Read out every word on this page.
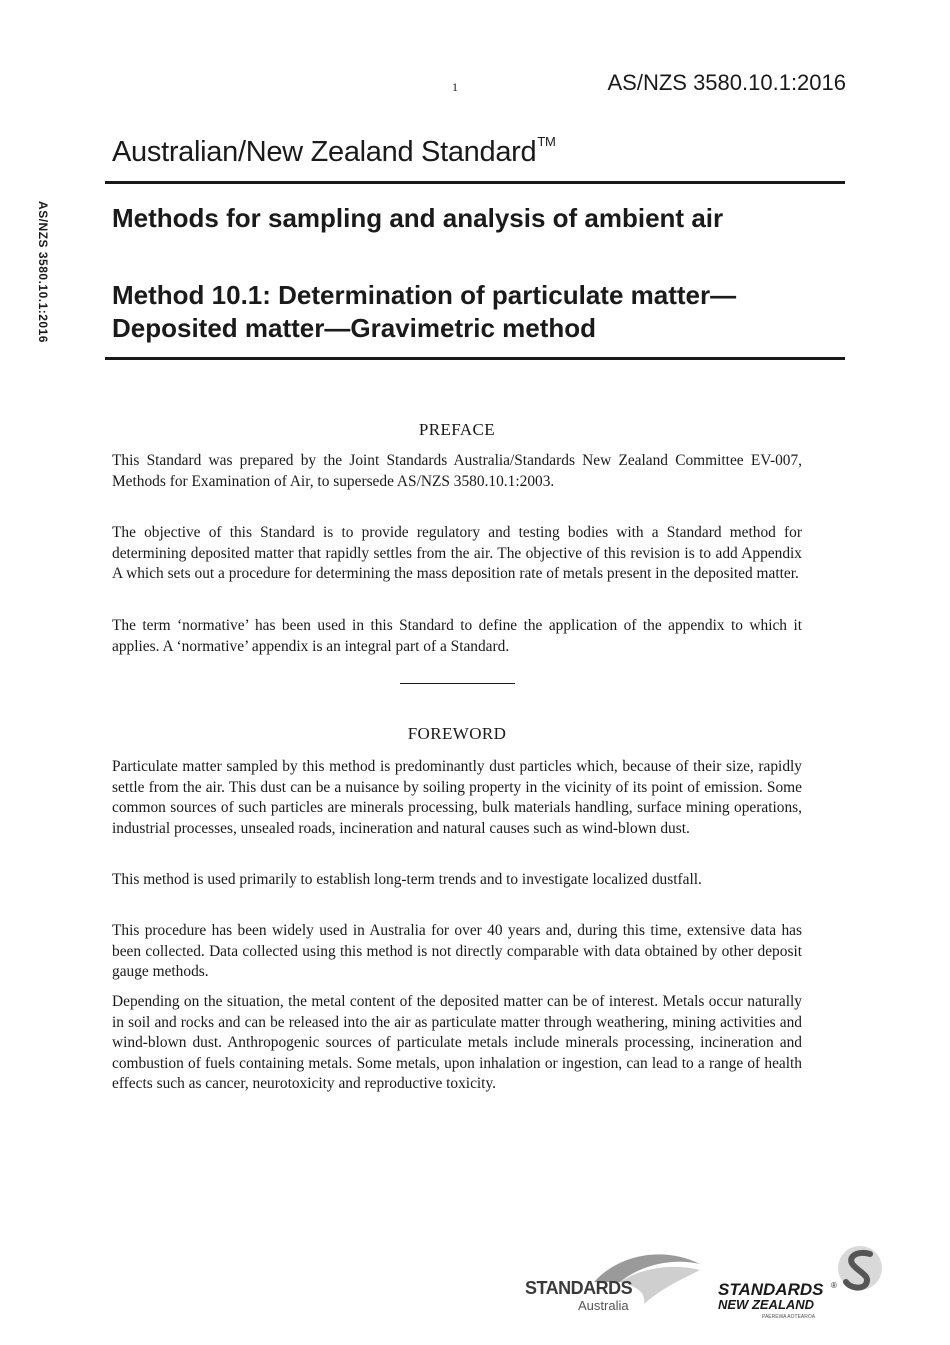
1	AS/NZS 3580.10.1:2016
Australian/New Zealand Standard™
AS/NZS 3580.10.1:2016 Methods for sampling and analysis of ambient air
Method 10.1: Determination of particulate matter—Deposited matter—Gravimetric method
PREFACE

This Standard was prepared by the Joint Standards Australia/Standards New Zealand Committee EV-007, Methods for Examination of Air, to supersede AS/NZS 3580.10.1:2003.

The objective of this Standard is to provide regulatory and testing bodies with a Standard method for determining deposited matter that rapidly settles from the air. The objective of this revision is to add Appendix A which sets out a procedure for determining the mass deposition rate of metals present in the deposited matter.

The term ‘normative’ has been used in this Standard to define the application of the appendix to which it applies. A ‘normative’ appendix is an integral part of a Standard.

FOREWORD

Particulate matter sampled by this method is predominantly dust particles which, because of their size, rapidly settle from the air. This dust can be a nuisance by soiling property in the vicinity of its point of emission. Some common sources of such particles are minerals processing, bulk materials handling, surface mining operations, industrial processes, unsealed roads, incineration and natural causes such as wind-blown dust.

This method is used primarily to establish long-term trends and to investigate localized dustfall.

This procedure has been widely used in Australia for over 40 years and, during this time, extensive data has been collected. Data collected using this method is not directly comparable with data obtained by other deposit gauge methods.

Depending on the situation, the metal content of the deposited matter can be of interest. Metals occur naturally in soil and rocks and can be released into the air as particulate matter through weathering, mining activities and wind-blown dust. Anthropogenic sources of particulate metals include minerals processing, incineration and combustion of fuels containing metals. Some metals, upon inhalation or ingestion, can lead to a range of health effects such as cancer, neurotoxicity and reproductive toxicity.

STANDARDS
Australia
STANDARDS ®
NEW ZEALAND
PAEREWA AOTEAROA
